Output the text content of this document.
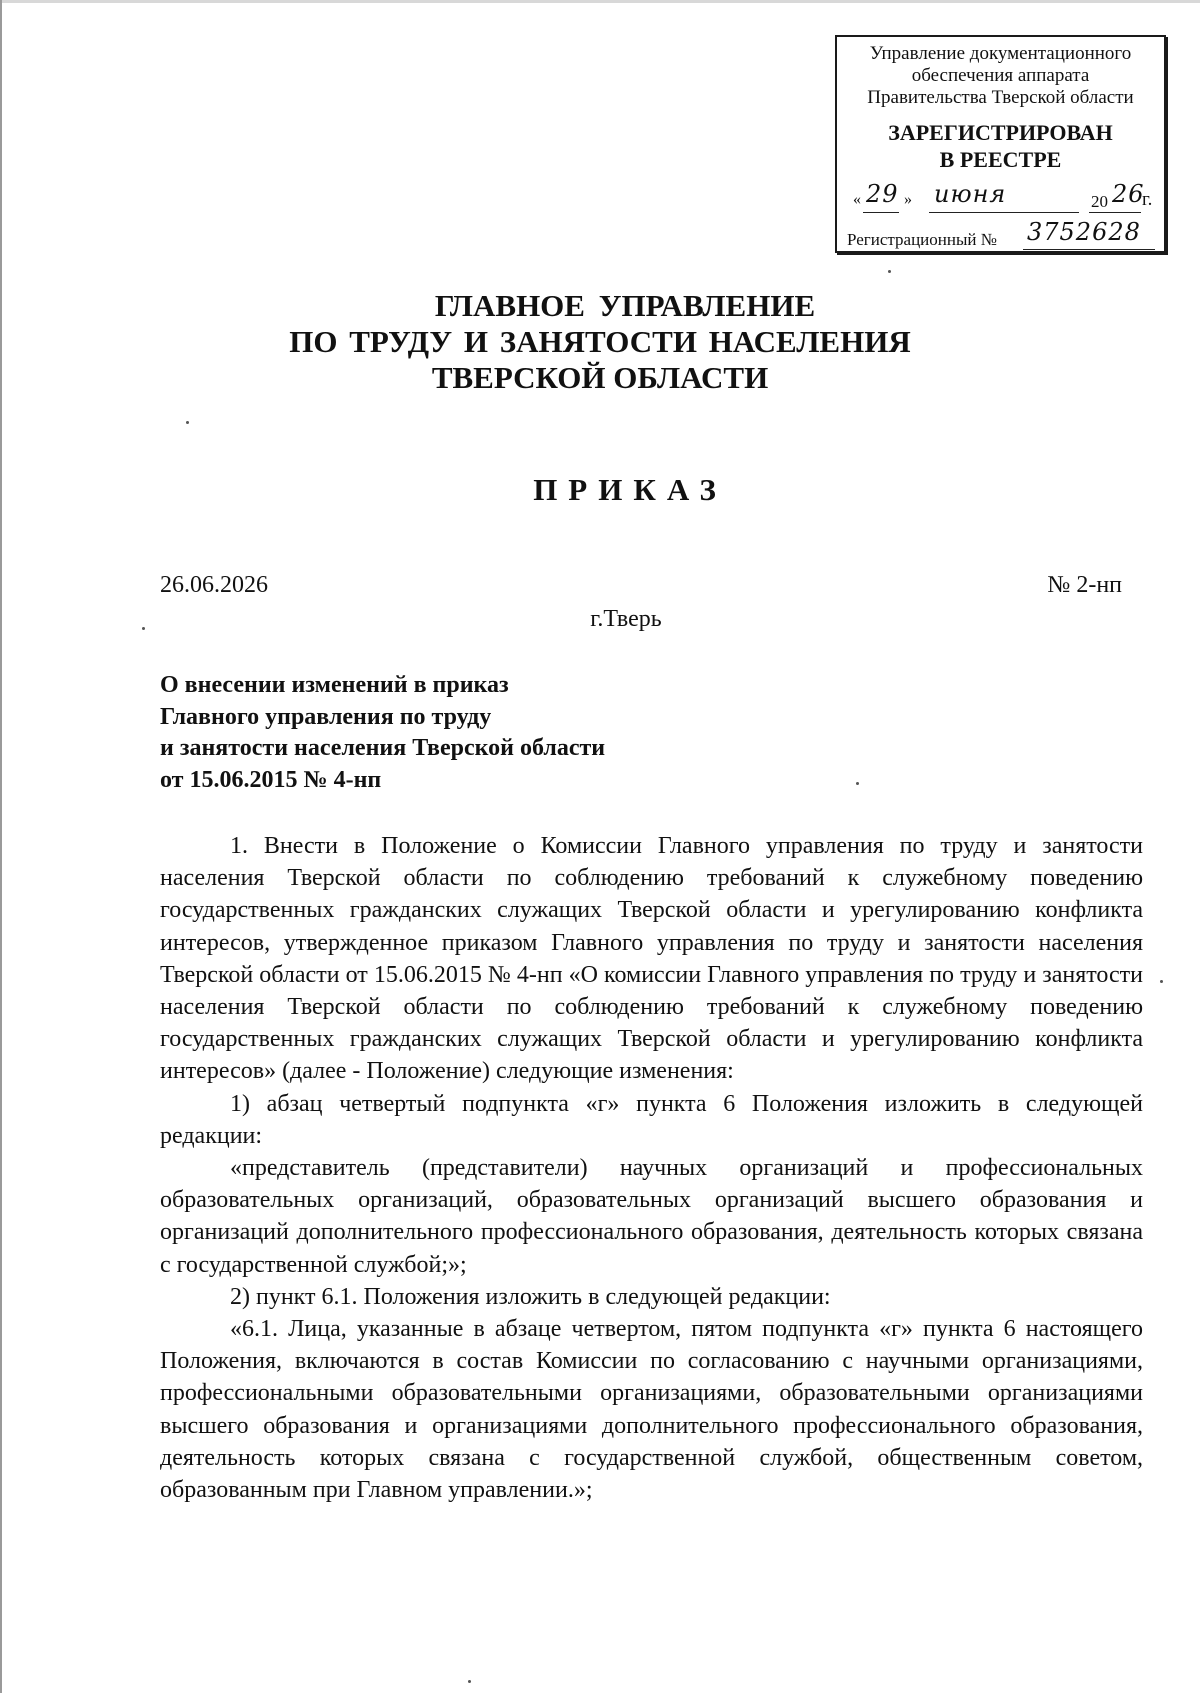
Управление документационного
обеспечения аппарата
Правительства Тверской области
ЗАРЕГИСТРИРОВАН
В РЕЕСТРЕ
« 29 » июня	20 26
г.
Регистрационный № 3752628
ГЛАВНОЕ УПРАВЛЕНИЕ
ПО ТРУДУ И ЗАНЯТОСТИ НАСЕЛЕНИЯ
ТВЕРСКОЙ ОБЛАСТИ
ПРИКАЗ
26.06.2026	№ 2-нп
г.Тверь
О внесении изменений в приказ
Главного управления по труду
и занятости населения Тверской области
от 15.06.2015 № 4-нп

1. Внести в Положение о Комиссии Главного управления по труду и занятости населения Тверской области по соблюдению требований к служебному поведению государственных гражданских служащих Тверской области и урегулированию конфликта интересов, утвержденное приказом Главного управления по труду и занятости населения Тверской области от 15.06.2015 № 4-нп «О комиссии Главного управления по труду и занятости населения Тверской области по соблюдению требований к служебному поведению государственных гражданских служащих Тверской области и урегулированию конфликта интересов» (далее - Положение) следующие изменения:

1) абзац четвертый подпункта «г» пункта 6 Положения изложить в следующей редакции:

«представитель (представители) научных организаций и профессиональных образовательных организаций, образовательных организаций высшего образования и организаций дополнительного профессионального образования, деятельность которых связана с государственной службой;»;

2) пункт 6.1. Положения изложить в следующей редакции:

«6.1. Лица, указанные в абзаце четвертом, пятом подпункта «г» пункта 6 настоящего Положения, включаются в состав Комиссии по согласованию с научными организациями, профессиональными образовательными организациями, образовательными организациями высшего образования и организациями дополнительного профессионального образования, деятельность которых связана с государственной службой, общественным советом, образованным при Главном управлении.»;
